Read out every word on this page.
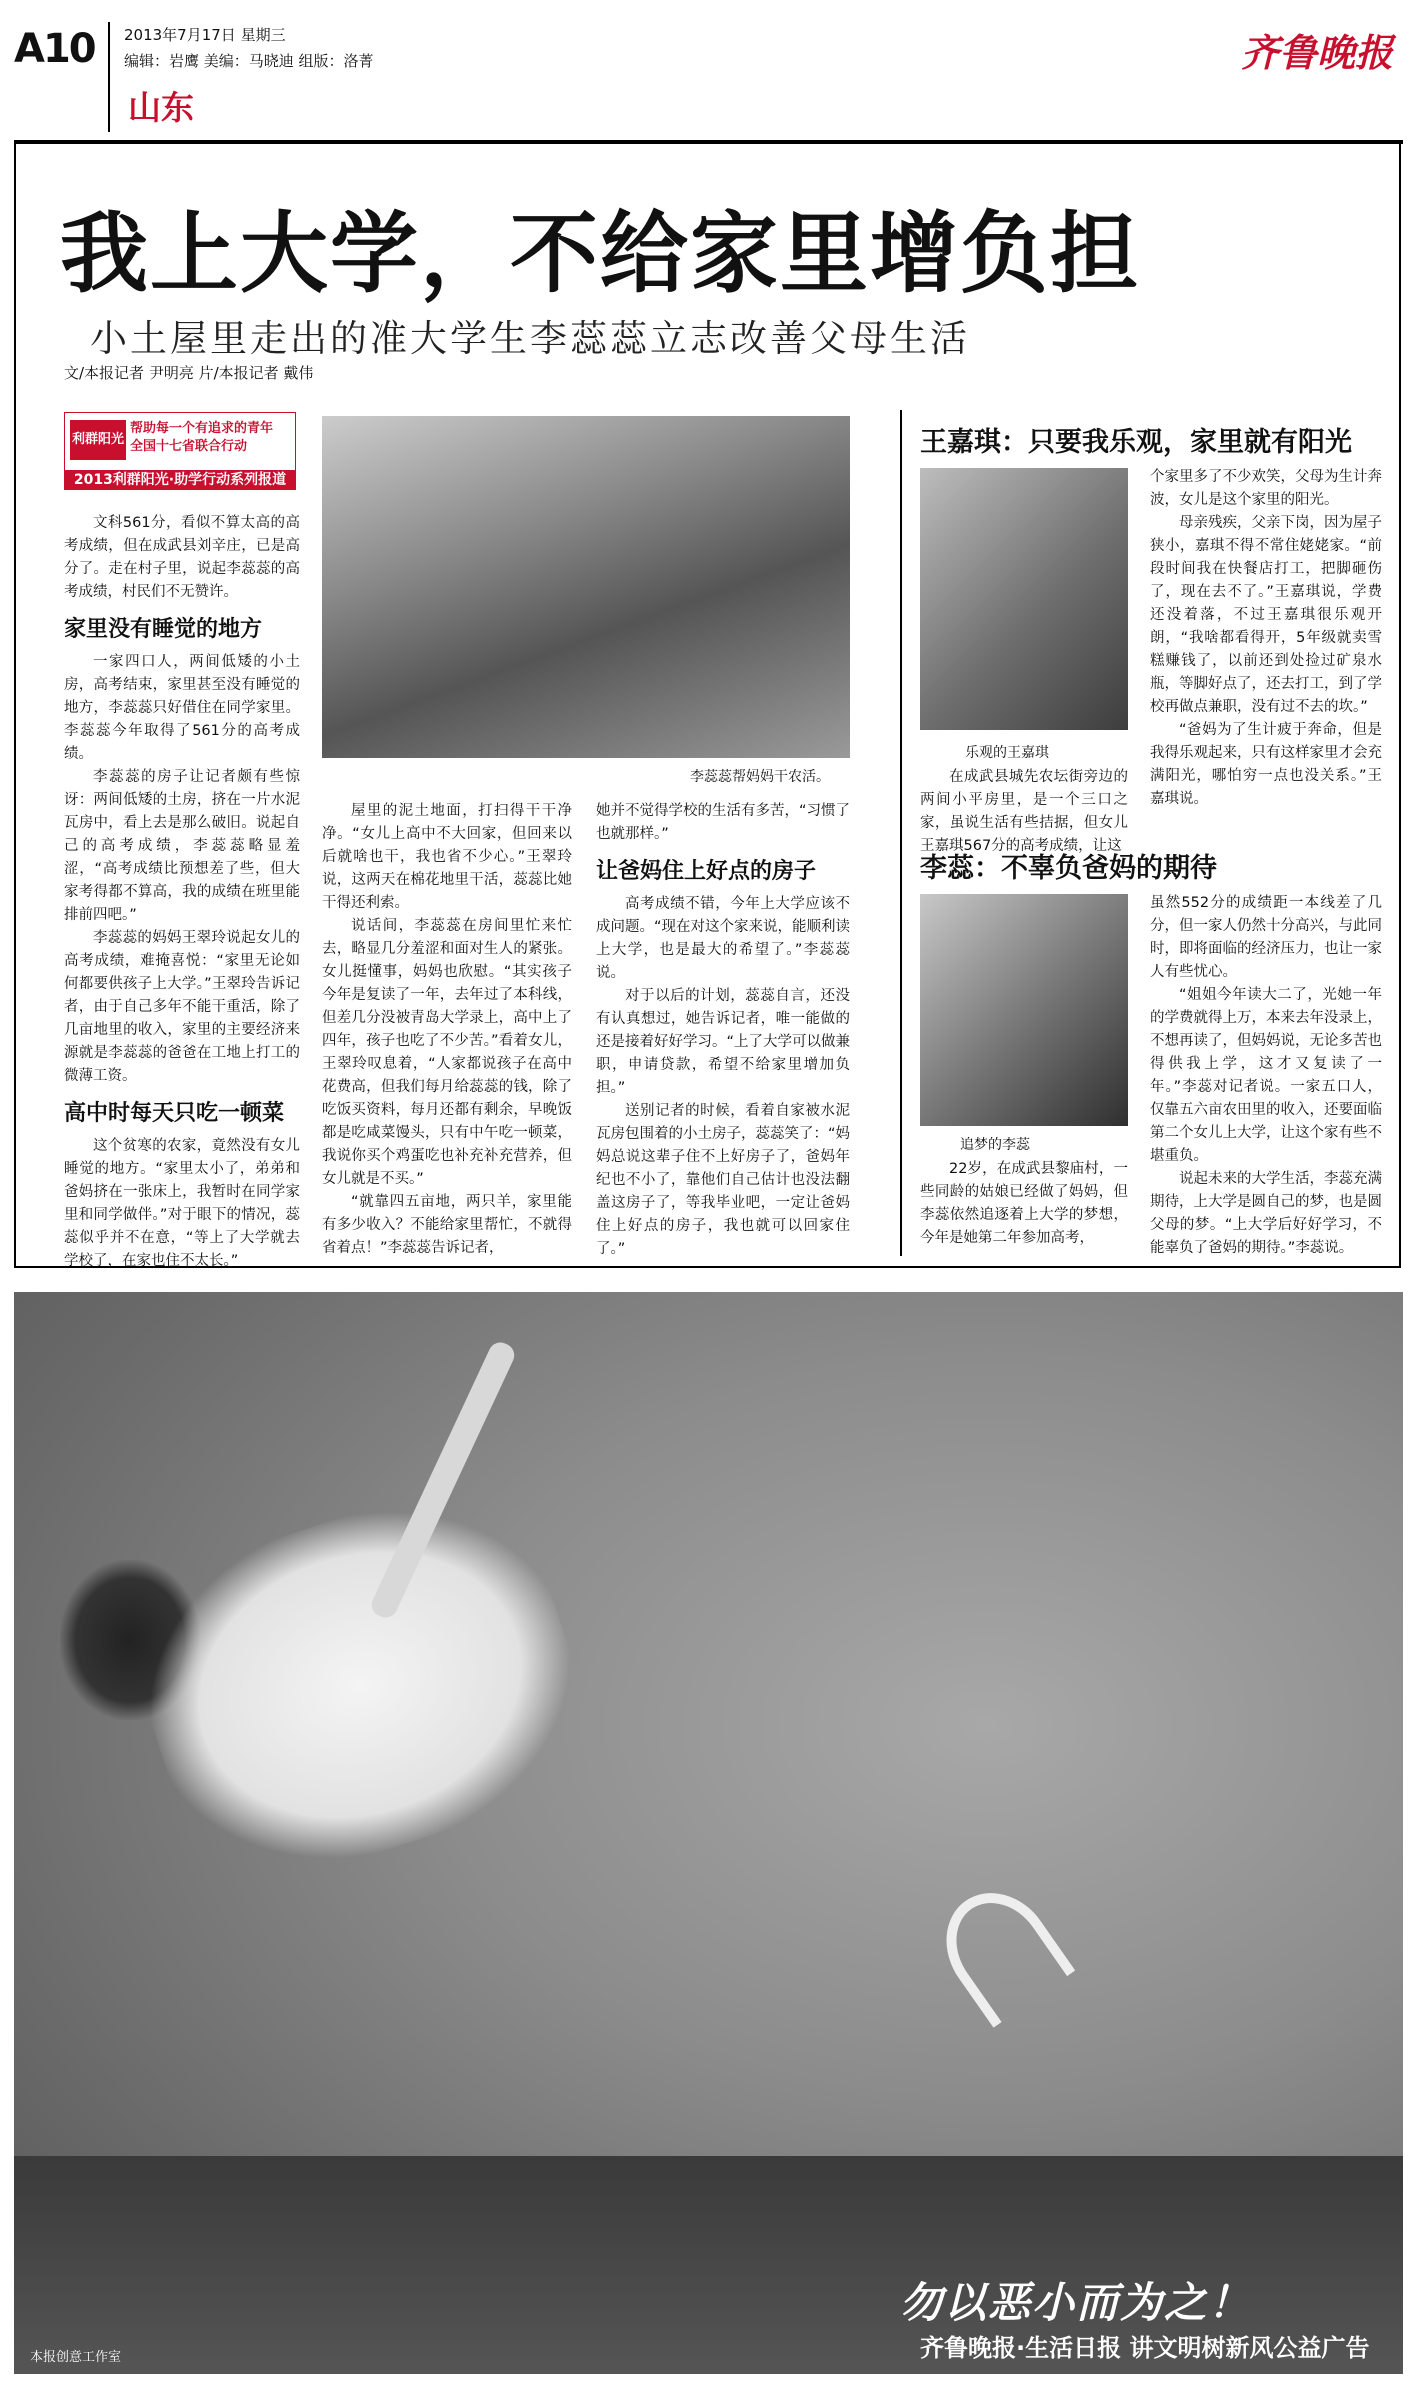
A10 2013年7月17日 星期三
编辑：岩鹰 美编：马晓迪 组版：洛菁
山东
齐鲁晚报
我上大学，不给家里增负担
小土屋里走出的准大学生李蕊蕊立志改善父母生活
文/本报记者 尹明亮 片/本报记者 戴伟
利群阳光
帮助每一个有追求的青年 全国十七省联合行动
2013利群阳光·助学行动系列报道
李蕊蕊帮妈妈干农活。

文科561分，看似不算太高的高考成绩，但在成武县刘辛庄，已是高分了。走在村子里，说起李蕊蕊的高考成绩，村民们不无赞许。

家里没有睡觉的地方

一家四口人，两间低矮的小土房，高考结束，家里甚至没有睡觉的地方，李蕊蕊只好借住在同学家里。李蕊蕊今年取得了561分的高考成绩。

李蕊蕊的房子让记者颇有些惊讶：两间低矮的土房，挤在一片水泥瓦房中，看上去是那么破旧。说起自己的高考成绩，李蕊蕊略显羞涩，“高考成绩比预想差了些，但大家考得都不算高，我的成绩在班里能排前四吧。”

李蕊蕊的妈妈王翠玲说起女儿的高考成绩，难掩喜悦：“家里无论如何都要供孩子上大学。”王翠玲告诉记者，由于自己多年不能干重活，除了几亩地里的收入，家里的主要经济来源就是李蕊蕊的爸爸在工地上打工的微薄工资。

高中时每天只吃一顿菜

这个贫寒的农家，竟然没有女儿睡觉的地方。“家里太小了，弟弟和爸妈挤在一张床上，我暂时在同学家里和同学做伴。”对于眼下的情况，蕊蕊似乎并不在意，“等上了大学就去学校了，在家也住不太长。”

屋里的泥土地面，打扫得干干净净。“女儿上高中不大回家，但回来以后就啥也干，我也省不少心。”王翠玲说，这两天在棉花地里干活，蕊蕊比她干得还利索。

说话间，李蕊蕊在房间里忙来忙去，略显几分羞涩和面对生人的紧张。女儿挺懂事，妈妈也欣慰。“其实孩子今年是复读了一年，去年过了本科线，但差几分没被青岛大学录上，高中上了四年，孩子也吃了不少苦。”看着女儿，王翠玲叹息着，“人家都说孩子在高中花费高，但我们每月给蕊蕊的钱，除了吃饭买资料，每月还都有剩余，早晚饭都是吃咸菜馒头，只有中午吃一顿菜，我说你买个鸡蛋吃也补充补充营养，但女儿就是不买。”

“就靠四五亩地，两只羊，家里能有多少收入？不能给家里帮忙，不就得省着点！”李蕊蕊告诉记者，

她并不觉得学校的生活有多苦，“习惯了也就那样。”

让爸妈住上好点的房子

高考成绩不错，今年上大学应该不成问题。“现在对这个家来说，能顺利读上大学，也是最大的希望了。”李蕊蕊说。

对于以后的计划，蕊蕊自言，还没有认真想过，她告诉记者，唯一能做的还是接着好好学习。“上了大学可以做兼职，申请贷款，希望不给家里增加负担。”

送别记者的时候，看着自家被水泥瓦房包围着的小土房子，蕊蕊笑了：“妈妈总说这辈子住不上好房子了，爸妈年纪也不小了，靠他们自己估计也没法翻盖这房子了，等我毕业吧，一定让爸妈住上好点的房子，我也就可以回家住了。”

王嘉琪：只要我乐观，家里就有阳光
乐观的王嘉琪

在成武县城先农坛街旁边的两间小平房里，是一个三口之家，虽说生活有些拮据，但女儿王嘉琪567分的高考成绩，让这

个家里多了不少欢笑，父母为生计奔波，女儿是这个家里的阳光。

母亲残疾，父亲下岗，因为屋子狭小，嘉琪不得不常住姥姥家。“前段时间我在快餐店打工，把脚砸伤了，现在去不了。”王嘉琪说，学费还没着落，不过王嘉琪很乐观开朗，“我啥都看得开，5年级就卖雪糕赚钱了，以前还到处捡过矿泉水瓶，等脚好点了，还去打工，到了学校再做点兼职，没有过不去的坎。”

“爸妈为了生计疲于奔命，但是我得乐观起来，只有这样家里才会充满阳光，哪怕穷一点也没关系。”王嘉琪说。

李蕊：不辜负爸妈的期待
追梦的李蕊

22岁，在成武县黎庙村，一些同龄的姑娘已经做了妈妈，但李蕊依然追逐着上大学的梦想，今年是她第二年参加高考，

虽然552分的成绩距一本线差了几分，但一家人仍然十分高兴，与此同时，即将面临的经济压力，也让一家人有些忧心。

“姐姐今年读大二了，光她一年的学费就得上万，本来去年没录上，不想再读了，但妈妈说，无论多苦也得供我上学，这才又复读了一年。”李蕊对记者说。一家五口人，仅靠五六亩农田里的收入，还要面临第二个女儿上大学，让这个家有些不堪重负。

说起未来的大学生活，李蕊充满期待，上大学是圆自己的梦，也是圆父母的梦。“上大学后好好学习，不能辜负了爸妈的期待。”李蕊说。

勿以恶小而为之！
齐鲁晚报·生活日报 讲文明树新风公益广告
本报创意工作室
